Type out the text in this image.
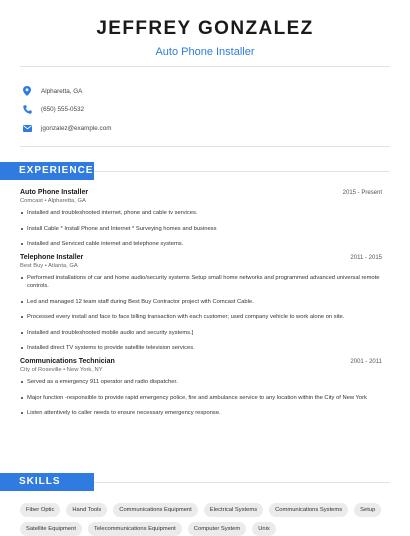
JEFFREY GONZALEZ
Auto Phone Installer
Alpharetta, GA
(650) 555-0532
jgonzalez@example.com
EXPERIENCE
Auto Phone Installer	2015 - Present
Comcast • Alpharetta, GA
Installed and troubleshooted internet, phone and cable tv services.
Install Cable * Install Phone and Internet * Surveying homes and business
Installed and Serviced cable internet and telephone systems.
Telephone Installer	2011 - 2015
Best Buy • Atlanta, GA
Performed installations of car and home audio/security systems Setup small home networks and programmed advanced universal remote controls.
Led and managed 12 team staff during Best Buy Contractor project with Comcast Cable.
Processed every install and face to face billing transaction with each customer; used company vehicle to work alone on site.
Installed and troubleshooted mobile audio and security systems.]
Installed direct TV systems to provide satellite television services.
Communications Technician	2001 - 2011
City of Roseville • New York, NY
Served as a emergency 911 operator and radio dispatcher.
Major function -responsible to provide rapid emergency police, fire and ambulance service to any location within the City of New York
Listen attentively to caller needs to ensure necessary emergency response.
SKILLS
Fiber Optic	Hand Tools	Communications Equipment	Electrical Systems	Communications Systems	Setup
Satellite Equipment	Telecommunications Equipment	Computer System	Unix
